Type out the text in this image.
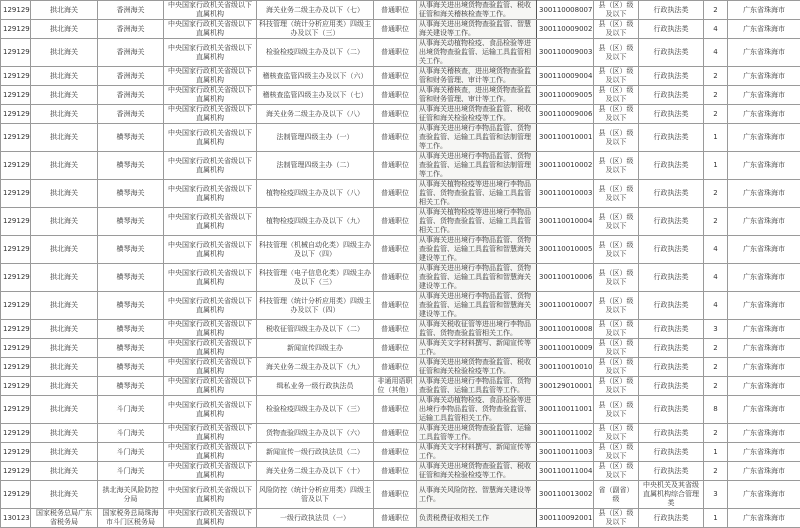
129129	拱北海关	香洲海关	中央国家行政机关省级以下直属机构	海关业务二级主办及以下（七）	普通职位	从事海关进出境货物查验监管、税收征管和海关稽核检查等工作。	300110008007	县（区）级及以下	行政执法类	2	广东省珠海市
129129	拱北海关	香洲海关	中央国家行政机关省级以下直属机构	科技管理（统计分析应用类）四级主办及以下（三）	普通职位	从事海关进出境货物查验监管、智慧海关建设等工作。	300110009002	县（区）级及以下	行政执法类	4	广东省珠海市
129129	拱北海关	香洲海关	中央国家行政机关省级以下直属机构	检验检疫四级主办及以下（二）	普通职位	从事海关动植物检疫、食品检验等进出境货物查验监管、运输工具监管相关工作。	300110009003	县（区）级及以下	行政执法类	4	广东省珠海市
129129	拱北海关	香洲海关	中央国家行政机关省级以下直属机构	稽核查监管四级主办及以下（六）	普通职位	从事海关稽核查，进出境货物查验监管和财务管理、审计等工作。	300110009004	县（区）级及以下	行政执法类	2	广东省珠海市
129129	拱北海关	香洲海关	中央国家行政机关省级以下直属机构	稽核查监管四级主办及以下（七）	普通职位	从事海关稽核查，进出境货物查验监管和财务管理、审计等工作。	300110009005	县（区）级及以下	行政执法类	2	广东省珠海市
129129	拱北海关	香洲海关	中央国家行政机关省级以下直属机构	海关业务二级主办及以下（八）	普通职位	从事海关进出境货物查验监管、税收征管和海关检验检疫等工作。	300110009006	县（区）级及以下	行政执法类	2	广东省珠海市
129129	拱北海关	横琴海关	中央国家行政机关省级以下直属机构	法制管理四级主办（一）	普通职位	从事海关进出境行李物品监管、货物查验监管、运输工具监管和法制管理等工作。	300110010001	县（区）级及以下	行政执法类	1	广东省珠海市
129129	拱北海关	横琴海关	中央国家行政机关省级以下直属机构	法制管理四级主办（二）	普通职位	从事海关进出境行李物品监管、货物查验监管、运输工具监管和法制管理等工作。	300110010002	县（区）级及以下	行政执法类	1	广东省珠海市
129129	拱北海关	横琴海关	中央国家行政机关省级以下直属机构	植物检疫四级主办及以下（八）	普通职位	从事海关植物检疫等进出境行李物品监管、货物查验监管、运输工具监管相关工作。	300110010003	县（区）级及以下	行政执法类	2	广东省珠海市
129129	拱北海关	横琴海关	中央国家行政机关省级以下直属机构	植物检疫四级主办及以下（九）	普通职位	从事海关植物检疫等进出境行李物品监管、货物查验监管、运输工具监管相关工作。	300110010004	县（区）级及以下	行政执法类	2	广东省珠海市
129129	拱北海关	横琴海关	中央国家行政机关省级以下直属机构	科技管理（机械自动化类）四级主办及以下（四）	普通职位	从事海关进出境行李物品监管、货物查验监管、运输工具监管和智慧海关建设等工作。	300110010005	县（区）级及以下	行政执法类	4	广东省珠海市
129129	拱北海关	横琴海关	中央国家行政机关省级以下直属机构	科技管理（电子信息化类）四级主办及以下（三）	普通职位	从事海关进出境行李物品监管、货物查验监管、运输工具监管和智慧海关建设等工作。	300110010006	县（区）级及以下	行政执法类	4	广东省珠海市
129129	拱北海关	横琴海关	中央国家行政机关省级以下直属机构	科技管理（统计分析应用类）四级主办及以下（四）	普通职位	从事海关进出境行李物品监管、货物查验监管、运输工具监管和智慧海关建设等工作。	300110010007	县（区）级及以下	行政执法类	4	广东省珠海市
129129	拱北海关	横琴海关	中央国家行政机关省级以下直属机构	税收征管四级主办及以下（二）	普通职位	从事海关税收征管等进出境行李物品监管、货物查验监管相关工作。	300110010008	县（区）级及以下	行政执法类	3	广东省珠海市
129129	拱北海关	横琴海关	中央国家行政机关省级以下直属机构	新闻宣传四级主办	普通职位	从事海关文字材料撰写、新闻宣传等工作。	300110010009	县（区）级及以下	行政执法类	2	广东省珠海市
129129	拱北海关	横琴海关	中央国家行政机关省级以下直属机构	海关业务二级主办及以下（九）	普通职位	从事海关进出境货物查验监管、税收征管和海关检验检疫等工作。	300110010010	县（区）级及以下	行政执法类	2	广东省珠海市
129129	拱北海关	横琴海关	中央国家行政机关省级以下直属机构	缉私业务一级行政执法员	非通用语职位（其他）	从事海关进出境行李物品监管、货物查验监管、运输工具监管等工作。	300129010001	县（区）级及以下	行政执法类	2	广东省珠海市
129129	拱北海关	斗门海关	中央国家行政机关省级以下直属机构	检验检疫四级主办及以下（三）	普通职位	从事海关动植物检疫、食品检验等进出境行李物品监管、货物查验监管、运输工具监管相关工作。	300110011001	县（区）级及以下	行政执法类	8	广东省珠海市
129129	拱北海关	斗门海关	中央国家行政机关省级以下直属机构	货物查验四级主办及以下（六）	普通职位	从事海关进出境货物查验监管、运输工具监管等工作。	300110011002	县（区）级及以下	行政执法类	2	广东省珠海市
129129	拱北海关	斗门海关	中央国家行政机关省级以下直属机构	新闻宣传一级行政执法员（二）	普通职位	从事海关文字材料撰写、新闻宣传等工作。	300110011003	县（区）级及以下	行政执法类	1	广东省珠海市
129129	拱北海关	斗门海关	中央国家行政机关省级以下直属机构	海关业务二级主办及以下（十）	普通职位	从事海关进出境货物查验监管、税收征管和海关检验检疫等工作。	300110011004	县（区）级及以下	行政执法类	2	广东省珠海市
129129	拱北海关	拱北海关风险防控分局	中央国家行政机关省级以下直属机构	风险防控（统计分析应用类）四级主管及以下	普通职位	从事海关风险防控、智慧海关建设等工作。	300110013002	省（副省）级	中央机关及其省级直属机构综合管理类	3	广东省珠海市
130123	国家税务总局广东省税务局	国家税务总局珠海市斗门区税务局	中央国家行政机关省级以下直属机构	一级行政执法员（一）	普通职位	负责税费征收相关工作	300110092001	县（区）级及以下	行政执法类	1	广东省珠海市
